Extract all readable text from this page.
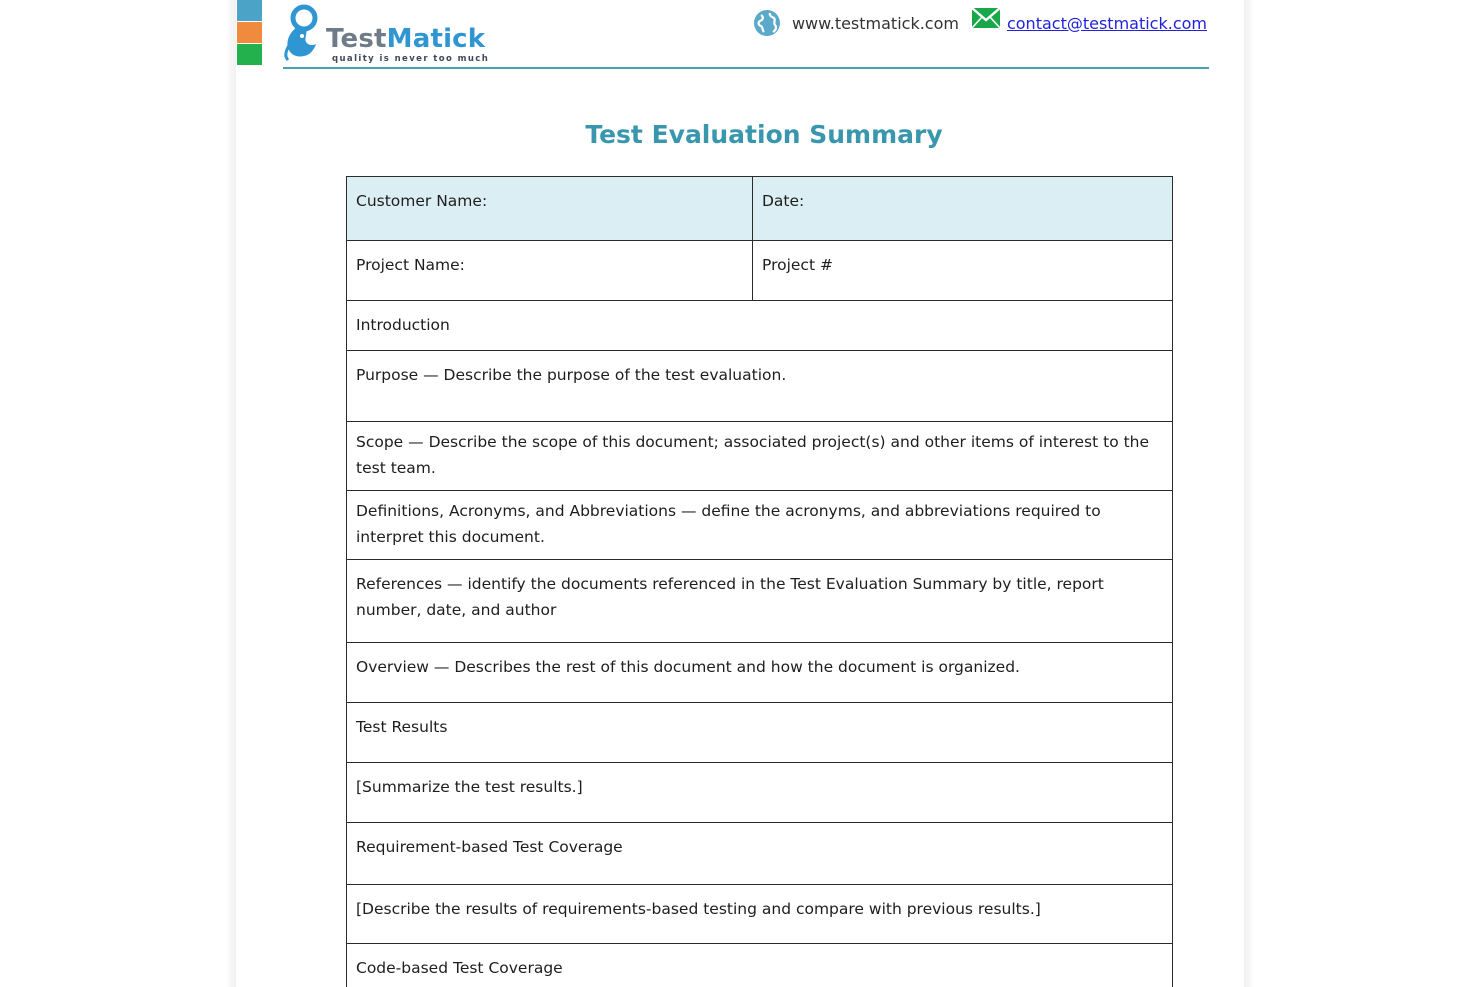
TestMatick
quality is never too much
www.testmatick.com	contact@testmatick.com
Test Evaluation Summary
Customer Name:	Date:
Project Name:	Project #
Introduction	
Purpose — Describe the purpose of the test evaluation.	
Scope — Describe the scope of this document; associated project(s) and other items of interest to the test team.	
Definitions, Acronyms, and Abbreviations — define the acronyms, and abbreviations required to interpret this document.	
References — identify the documents referenced in the Test Evaluation Summary by title, report number, date, and author	
Overview — Describes the rest of this document and how the document is organized.	
Test Results	
[Summarize the test results.]	
Requirement-based Test Coverage	
[Describe the results of requirements-based testing and compare with previous results.]	
Code-based Test Coverage	
